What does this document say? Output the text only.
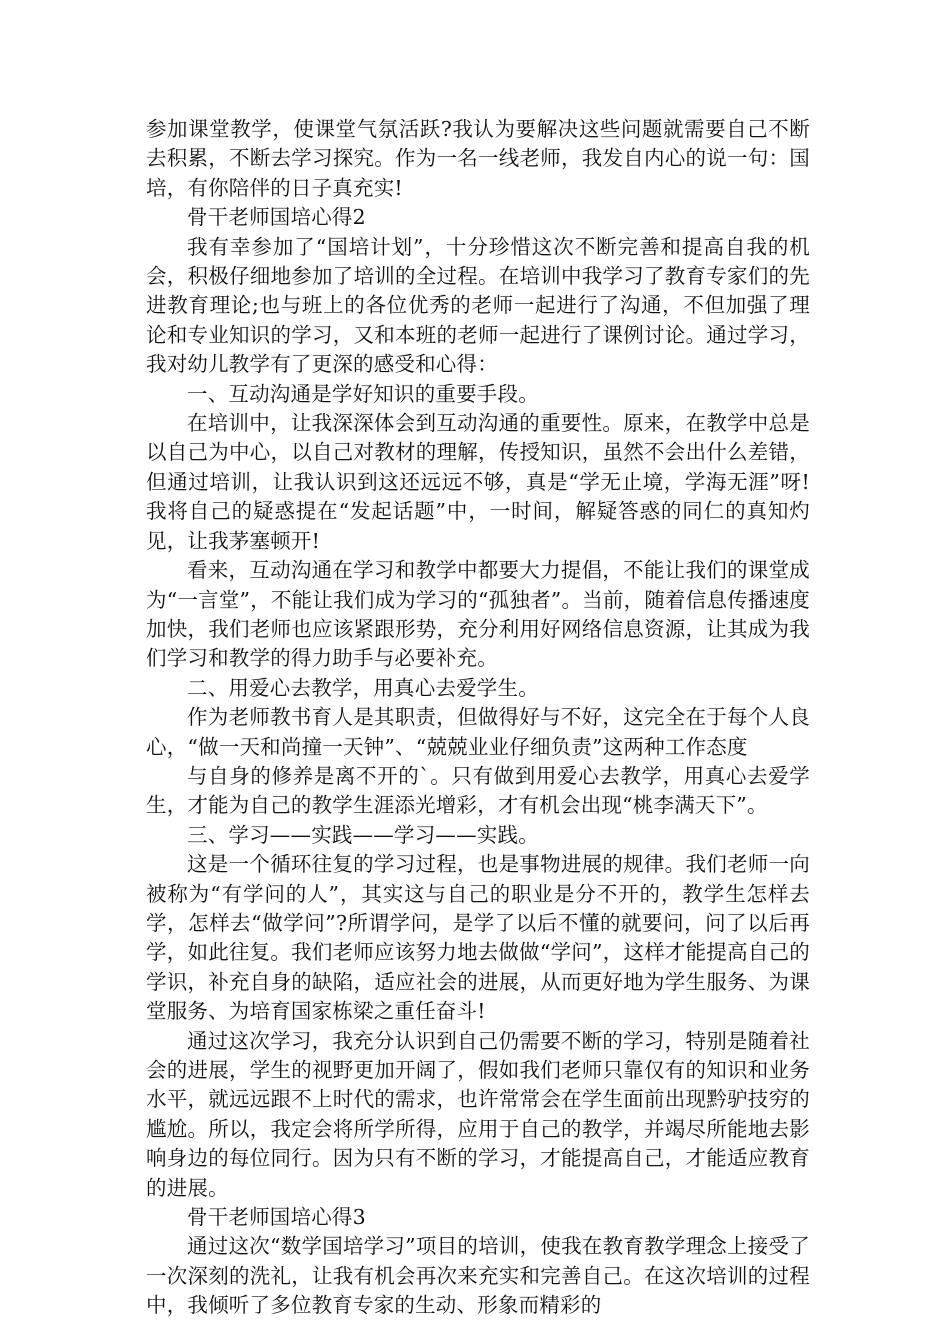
参加课堂教学，使课堂气氛活跃?我认为要解决这些问题就需要自己不断去积累，不断去学习探究。作为一名一线老师，我发自内心的说一句：国培，有你陪伴的日子真充实!

骨干老师国培心得2

我有幸参加了“国培计划”，十分珍惜这次不断完善和提高自我的机会，积极仔细地参加了培训的全过程。在培训中我学习了教育专家们的先进教育理论;也与班上的各位优秀的老师一起进行了沟通，不但加强了理论和专业知识的学习，又和本班的老师一起进行了课例讨论。通过学习，我对幼儿教学有了更深的感受和心得：

一、互动沟通是学好知识的重要手段。

在培训中，让我深深体会到互动沟通的重要性。原来，在教学中总是以自己为中心，以自己对教材的理解，传授知识，虽然不会出什么差错，但通过培训，让我认识到这还远远不够，真是“学无止境，学海无涯”呀!我将自己的疑惑提在“发起话题”中，一时间，解疑答惑的同仁的真知灼见，让我茅塞顿开!

看来，互动沟通在学习和教学中都要大力提倡，不能让我们的课堂成为“一言堂”，不能让我们成为学习的“孤独者”。当前，随着信息传播速度加快，我们老师也应该紧跟形势，充分利用好网络信息资源，让其成为我们学习和教学的得力助手与必要补充。

二、用爱心去教学，用真心去爱学生。

作为老师教书育人是其职责，但做得好与不好，这完全在于每个人良心，“做一天和尚撞一天钟”、“兢兢业业仔细负责”这两种工作态度

与自身的修养是离不开的`。只有做到用爱心去教学，用真心去爱学生，才能为自己的教学生涯添光增彩，才有机会出现“桃李满天下”。

三、学习——实践——学习——实践。

这是一个循环往复的学习过程，也是事物进展的规律。我们老师一向被称为“有学问的人”，其实这与自己的职业是分不开的，教学生怎样去学，怎样去“做学问”?所谓学问，是学了以后不懂的就要问，问了以后再学，如此往复。我们老师应该努力地去做做“学问”，这样才能提高自己的学识，补充自身的缺陷，适应社会的进展，从而更好地为学生服务、为课堂服务、为培育国家栋梁之重任奋斗!

通过这次学习，我充分认识到自己仍需要不断的学习，特别是随着社会的进展，学生的视野更加开阔了，假如我们老师只靠仅有的知识和业务水平，就远远跟不上时代的需求，也许常常会在学生面前出现黔驴技穷的尴尬。所以，我定会将所学所得，应用于自己的教学，并竭尽所能地去影响身边的每位同行。因为只有不断的学习，才能提高自己，才能适应教育的进展。

骨干老师国培心得3

通过这次“数学国培学习”项目的培训，使我在教育教学理念上接受了一次深刻的洗礼，让我有机会再次来充实和完善自己。在这次培训的过程中，我倾听了多位教育专家的生动、形象而精彩的
